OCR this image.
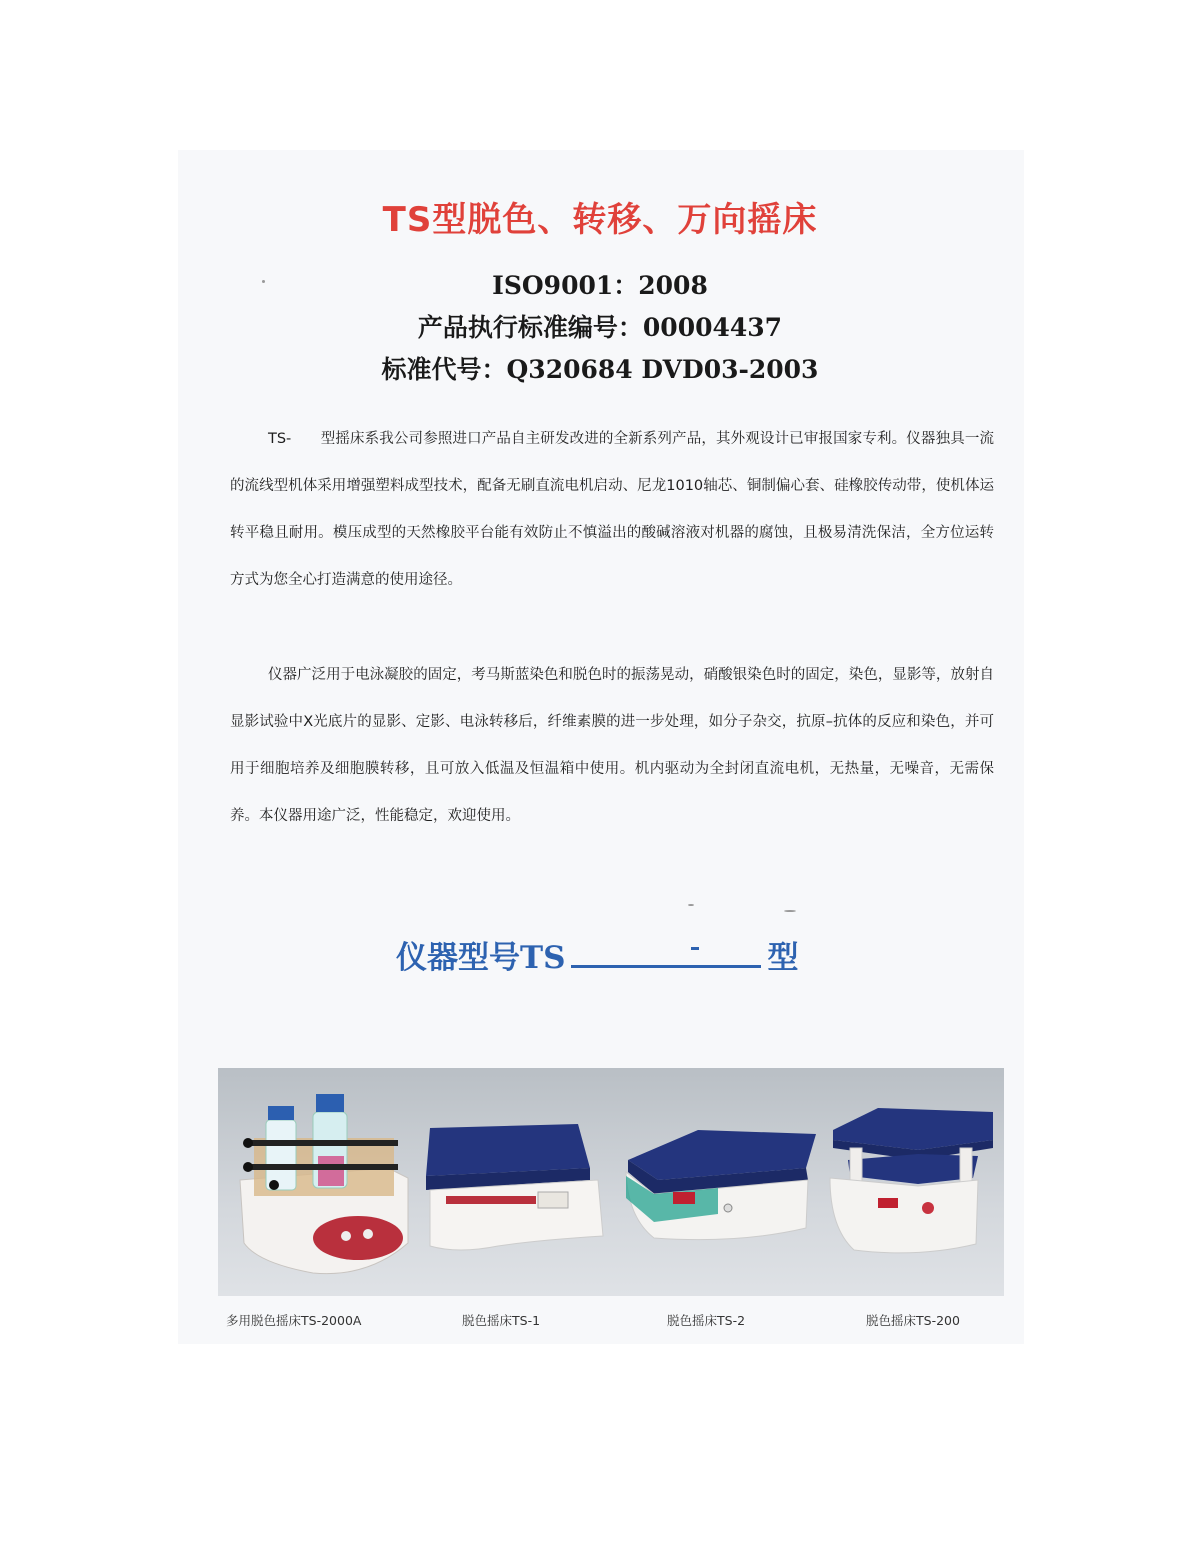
TS型脱色、转移、万向摇床
ISO9001：2008
产品执行标准编号：00004437
标准代号：Q320684 DVD03-2003

TS-　　型摇床系我公司参照进口产品自主研发改进的全新系列产品，其外观设计已审报国家专利。仪器独具一流的流线型机体采用增强塑料成型技术，配备无刷直流电机启动、尼龙1010轴芯、铜制偏心套、硅橡胶传动带，使机体运转平稳且耐用。模压成型的天然橡胶平台能有效防止不慎溢出的酸碱溶液对机器的腐蚀，且极易清洗保洁，全方位运转方式为您全心打造满意的使用途径。

仪器广泛用于电泳凝胶的固定，考马斯蓝染色和脱色时的振荡晃动，硝酸银染色时的固定，染色，显影等，放射自显影试验中X光底片的显影、定影、电泳转移后，纤维素膜的进一步处理，如分子杂交，抗原–抗体的反应和染色，并可用于细胞培养及细胞膜转移，且可放入低温及恒温箱中使用。机内驱动为全封闭直流电机，无热量，无噪音，无需保养。本仪器用途广泛，性能稳定，欢迎使用。

仪器型号TS	型
多用脱色摇床TS-2000A	脱色摇床TS-1	脱色摇床TS-2	脱色摇床TS-200
